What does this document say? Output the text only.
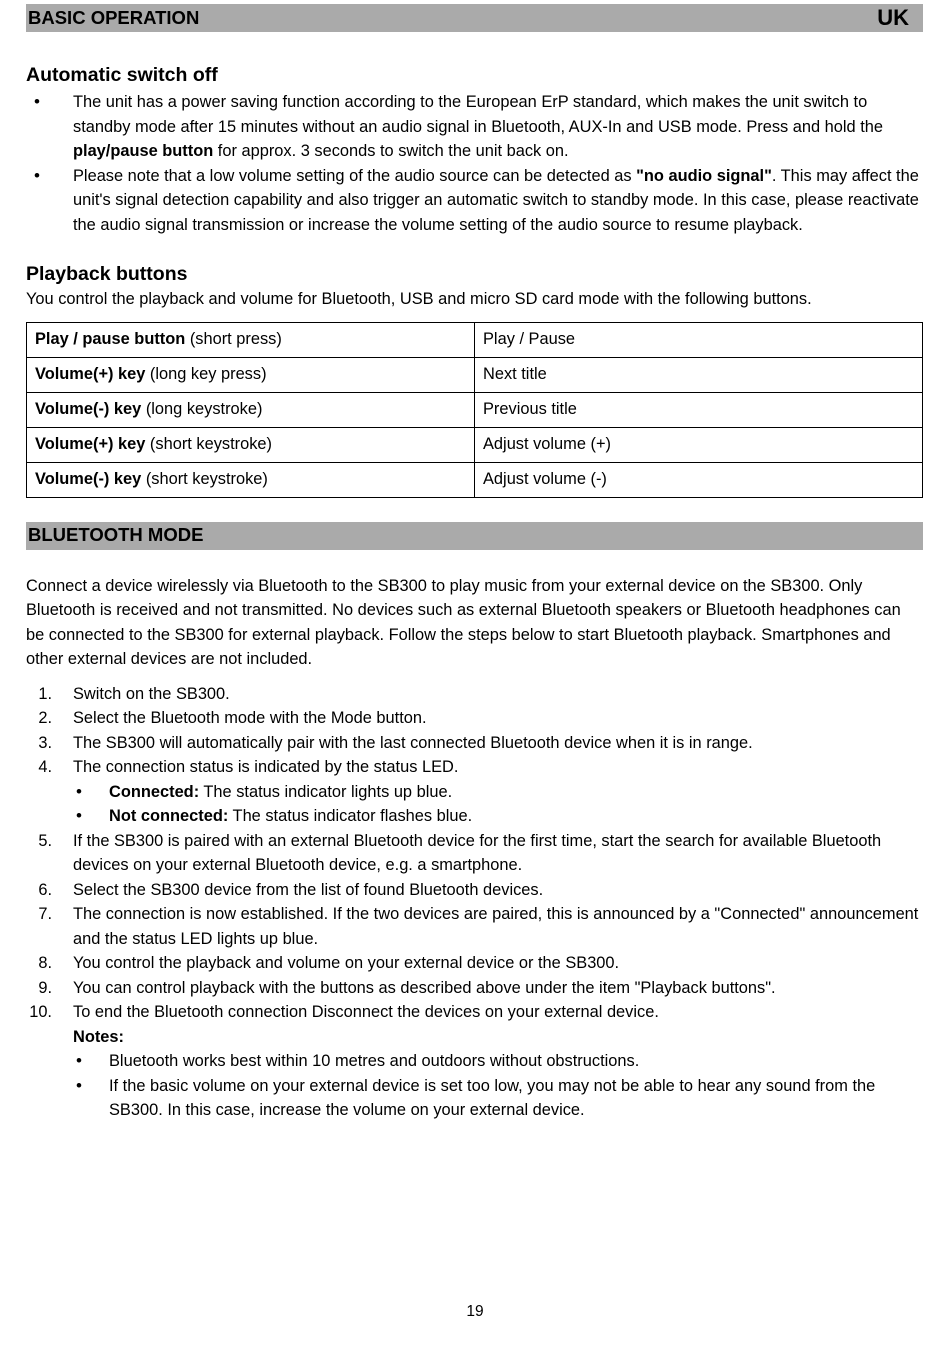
BASIC OPERATION	UK
Automatic switch off
• The unit has a power saving function according to the European ErP standard, which makes the unit switch to standby mode after 15 minutes without an audio signal in Bluetooth, AUX-In and USB mode. Press and hold the play/pause button for approx. 3 seconds to switch the unit back on.
• Please note that a low volume setting of the audio source can be detected as "no audio signal". This may affect the unit's signal detection capability and also trigger an automatic switch to standby mode. In this case, please reactivate the audio signal transmission or increase the volume setting of the audio source to resume playback.
Playback buttons

You control the playback and volume for Bluetooth, USB and micro SD card mode with the following buttons.

Play / pause button (short press)	Play / Pause
Volume(+) key (long key press)	Next title
Volume(-) key (long keystroke)	Previous title
Volume(+) key (short keystroke)	Adjust volume (+)
Volume(-) key (short keystroke)	Adjust volume (-)
BLUETOOTH MODE

Connect a device wirelessly via Bluetooth to the SB300 to play music from your external device on the SB300. Only Bluetooth is received and not transmitted. No devices such as external Bluetooth speakers or Bluetooth headphones can be connected to the SB300 for external playback. Follow the steps below to start Bluetooth playback. Smartphones and other external devices are not included.

1. Switch on the SB300.
2. Select the Bluetooth mode with the Mode button.
3. The SB300 will automatically pair with the last connected Bluetooth device when it is in range.
4. The connection status is indicated by the status LED.
• Connected: The status indicator lights up blue.
• Not connected: The status indicator flashes blue.
5. If the SB300 is paired with an external Bluetooth device for the first time, start the search for available Bluetooth devices on your external Bluetooth device, e.g. a smartphone.
6. Select the SB300 device from the list of found Bluetooth devices.
7. The connection is now established. If the two devices are paired, this is announced by a "Connected" announcement and the status LED lights up blue.
8. You control the playback and volume on your external device or the SB300.
9. You can control playback with the buttons as described above under the item "Playback buttons".
10. To end the Bluetooth connection Disconnect the devices on your external device.
Notes:
• Bluetooth works best within 10 metres and outdoors without obstructions.
• If the basic volume on your external device is set too low, you may not be able to hear any sound from the SB300. In this case, increase the volume on your external device.
19
